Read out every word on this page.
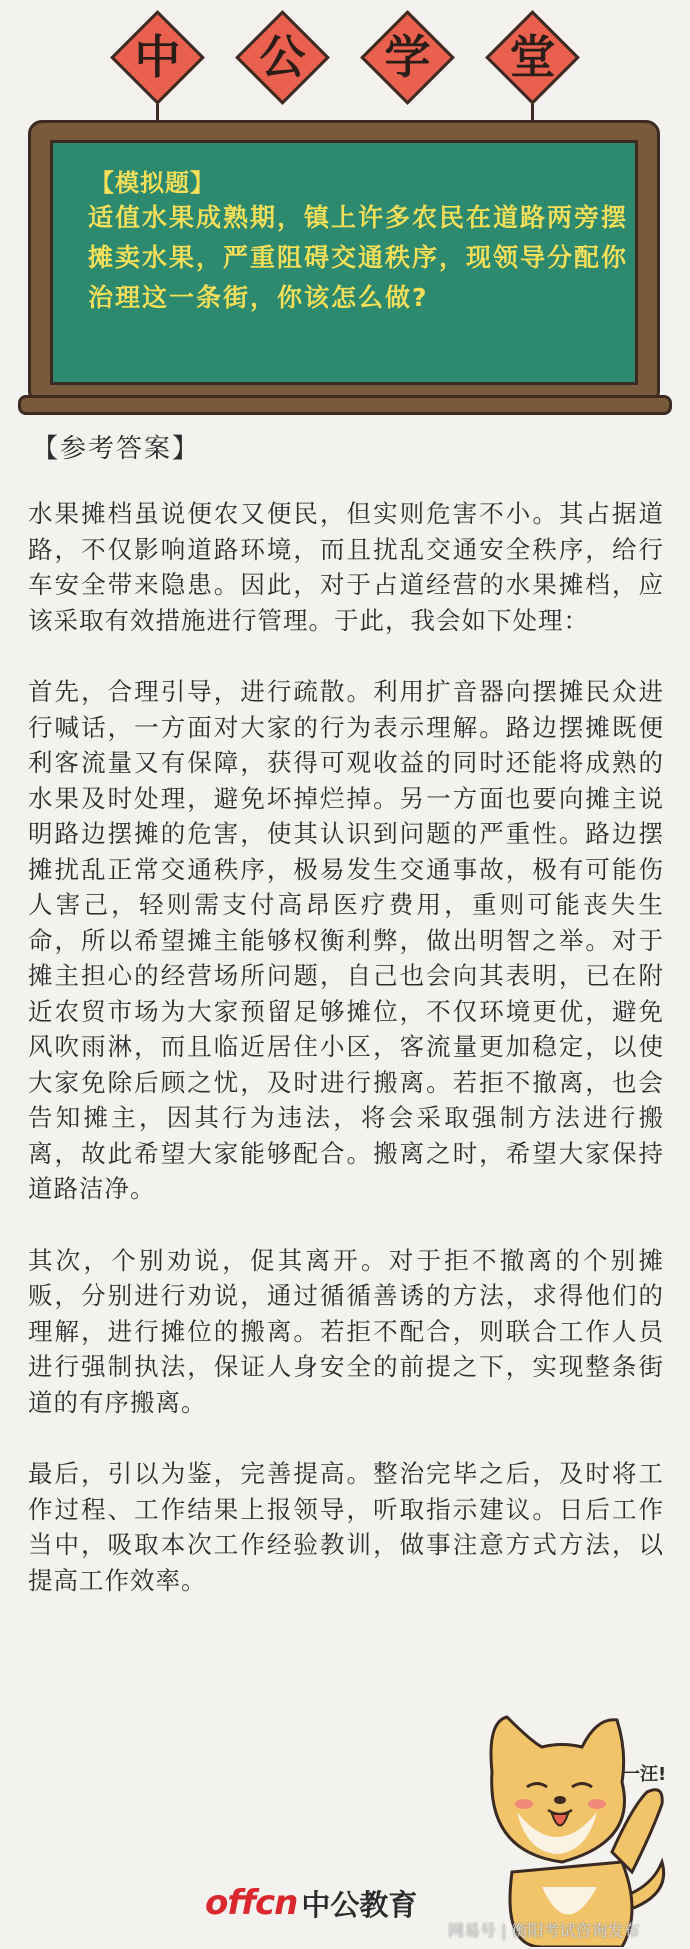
中	公	学	堂
【模拟题】
适值水果成熟期，镇上许多农民在道路两旁摆摊卖水果，严重阻碍交通秩序，现领导分配你治理这一条街，你该怎么做?
【参考答案】

水果摊档虽说便农又便民，但实则危害不小。其占据道路，不仅影响道路环境，而且扰乱交通安全秩序，给行车安全带来隐患。因此，对于占道经营的水果摊档，应该采取有效措施进行管理。于此，我会如下处理：

首先，合理引导，进行疏散。利用扩音器向摆摊民众进行喊话，一方面对大家的行为表示理解。路边摆摊既便利客流量又有保障，获得可观收益的同时还能将成熟的水果及时处理，避免坏掉烂掉。另一方面也要向摊主说明路边摆摊的危害，使其认识到问题的严重性。路边摆摊扰乱正常交通秩序，极易发生交通事故，极有可能伤人害己，轻则需支付高昂医疗费用，重则可能丧失生命，所以希望摊主能够权衡利弊，做出明智之举。对于摊主担心的经营场所问题，自己也会向其表明，已在附近农贸市场为大家预留足够摊位，不仅环境更优，避免风吹雨淋，而且临近居住小区，客流量更加稳定，以使大家免除后顾之忧，及时进行搬离。若拒不撤离，也会告知摊主，因其行为违法，将会采取强制方法进行搬离，故此希望大家能够配合。搬离之时，希望大家保持道路洁净。

其次，个别劝说，促其离开。对于拒不撤离的个别摊贩，分别进行劝说，通过循循善诱的方法，求得他们的理解，进行摊位的搬离。若拒不配合，则联合工作人员进行强制执法，保证人身安全的前提之下，实现整条街道的有序搬离。

最后，引以为鉴，完善提高。整治完毕之后，及时将工作过程、工作结果上报领导，听取指示建议。日后工作当中，吸取本次工作经验教训，做事注意方式方法，以提高工作效率。

一汪!
offcn 中公教育
网易号 | 衡阳考试咨询发布
